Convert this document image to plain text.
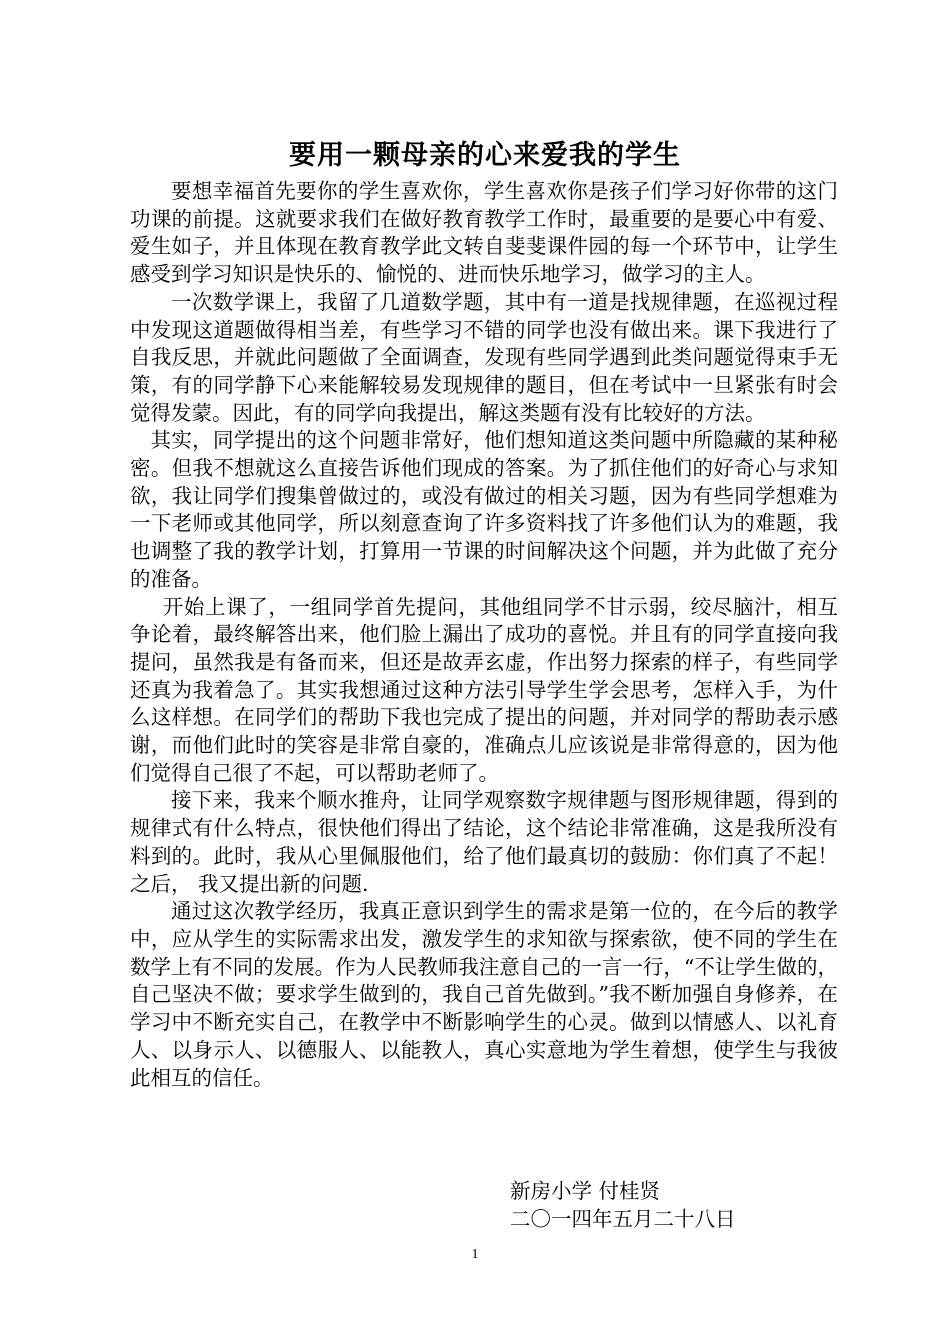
要用一颗母亲的心来爱我的学生

要想幸福首先要你的学生喜欢你，学生喜欢你是孩子们学习好你带的这门功课的前提。这就要求我们在做好教育教学工作时，最重要的是要心中有爱、爱生如子，并且体现在教育教学此文转自斐斐课件园的每一个环节中，让学生感受到学习知识是快乐的、愉悦的、进而快乐地学习，做学习的主人。

一次数学课上，我留了几道数学题，其中有一道是找规律题，在巡视过程中发现这道题做得相当差，有些学习不错的同学也没有做出来。课下我进行了自我反思，并就此问题做了全面调查，发现有些同学遇到此类问题觉得束手无策，有的同学静下心来能解较易发现规律的题目，但在考试中一旦紧张有时会觉得发蒙。因此，有的同学向我提出，解这类题有没有比较好的方法。

其实，同学提出的这个问题非常好，他们想知道这类问题中所隐藏的某种秘密。但我不想就这么直接告诉他们现成的答案。为了抓住他们的好奇心与求知欲，我让同学们搜集曾做过的，或没有做过的相关习题，因为有些同学想难为一下老师或其他同学，所以刻意查询了许多资料找了许多他们认为的难题，我也调整了我的教学计划，打算用一节课的时间解决这个问题，并为此做了充分的准备。

开始上课了，一组同学首先提问，其他组同学不甘示弱，绞尽脑汁，相互争论着，最终解答出来，他们脸上漏出了成功的喜悦。并且有的同学直接向我提问，虽然我是有备而来，但还是故弄玄虚，作出努力探索的样子，有些同学还真为我着急了。其实我想通过这种方法引导学生学会思考，怎样入手，为什么这样想。在同学们的帮助下我也完成了提出的问题，并对同学的帮助表示感谢，而他们此时的笑容是非常自豪的，准确点儿应该说是非常得意的，因为他们觉得自己很了不起，可以帮助老师了。

接下来，我来个顺水推舟，让同学观察数字规律题与图形规律题，得到的规律式有什么特点，很快他们得出了结论，这个结论非常准确，这是我所没有料到的。此时，我从心里佩服他们，给了他们最真切的鼓励：你们真了不起！之后， 我又提出新的问题.

通过这次教学经历，我真正意识到学生的需求是第一位的，在今后的教学中，应从学生的实际需求出发，激发学生的求知欲与探索欲，使不同的学生在数学上有不同的发展。作为人民教师我注意自己的一言一行，“不让学生做的，自己坚决不做；要求学生做到的，我自己首先做到。”我不断加强自身修养，在学习中不断充实自己，在教学中不断影响学生的心灵。做到以情感人、以礼育人、以身示人、以德服人、以能教人，真心实意地为学生着想，使学生与我彼此相互的信任。

新房小学 付桂贤
二〇一四年五月二十八日
1
